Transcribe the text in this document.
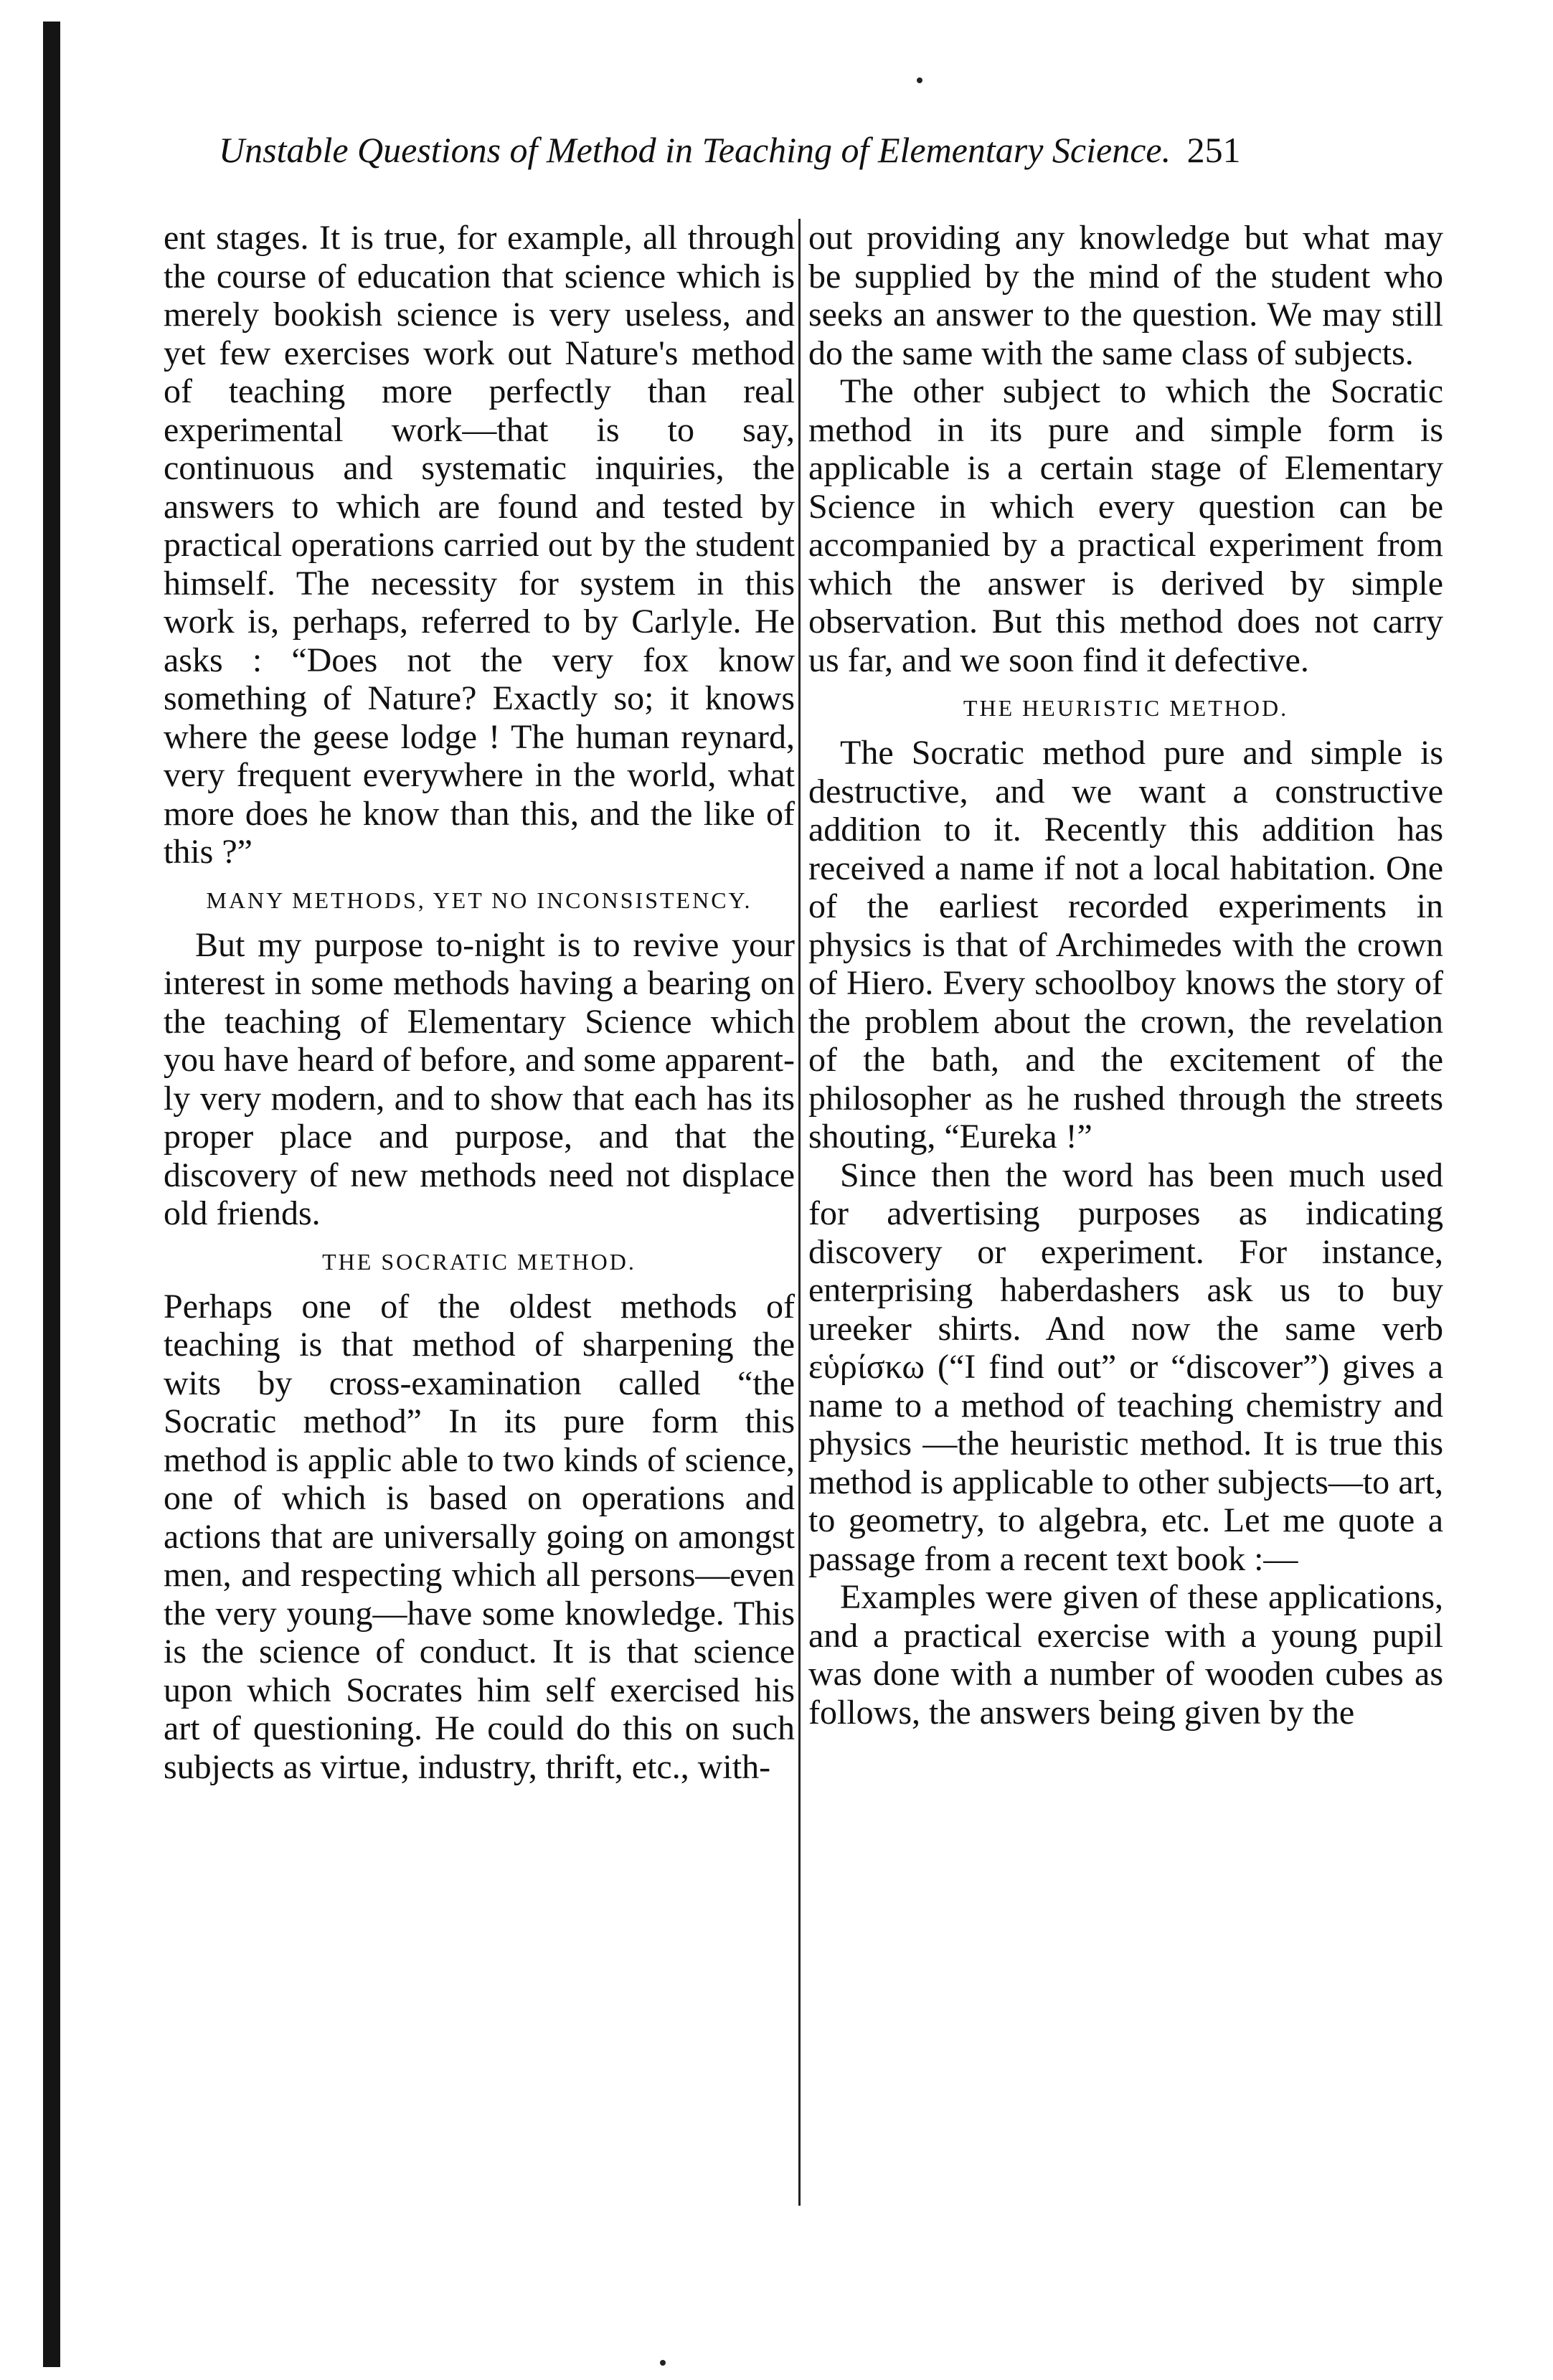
Unstable Questions of Method in Teaching of Elementary Science. 251

ent stages. It is true, for example, all through the course of education that science which is merely bookish science is very useless, and yet few exercises work out Nature's method of teaching more perfectly than real experimental work—that is to say, continuous and systematic inquiries, the answers to which are found and tested by practical operations carried out by the student himself. The necessity for system in this work is, perhaps, referred to by Carlyle. He asks : “Does not the very fox know something of Nature? Exactly so; it knows where the geese lodge ! The human reynard, very frequent everywhere in the world, what more does he know than this, and the like of this ?”

MANY METHODS, YET NO INCONSISTENCY.

But my purpose to-night is to revive your interest in some methods having a bearing on the teaching of Elementary Science which you have heard of before, and some apparently very modern, and to show that each has its proper place and purpose, and that the discovery of new methods need not displace old friends.

THE SOCRATIC METHOD.

Perhaps one of the oldest methods of teaching is that method of sharpening the wits by cross-examination called “the Socratic method” In its pure form this method is applic able to two kinds of science, one of which is based on operations and actions that are universally going on amongst men, and respecting which all persons—even the very young—have some knowledge. This is the science of conduct. It is that science upon which Socrates him self exercised his art of questioning. He could do this on such subjects as virtue, industry, thrift, etc., with-

out providing any knowledge but what may be supplied by the mind of the student who seeks an answer to the question. We may still do the same with the same class of subjects.

The other subject to which the Socratic method in its pure and simple form is applicable is a certain stage of Elementary Science in which every question can be accompanied by a practical experiment from which the answer is derived by simple observation. But this method does not carry us far, and we soon find it defective.

THE HEURISTIC METHOD.

The Socratic method pure and simple is destructive, and we want a constructive addition to it. Recently this addition has received a name if not a local habitation. One of the earliest recorded experiments in physics is that of Archimedes with the crown of Hiero. Every schoolboy knows the story of the problem about the crown, the revelation of the bath, and the excitement of the philosopher as he rushed through the streets shouting, “Eureka !”

Since then the word has been much used for advertising purposes as indicating discovery or experiment. For instance, enterprising haberdashers ask us to buy ureeker shirts. And now the same verb εὑρίσκω (“I find out” or “discover”) gives a name to a method of teaching chemistry and physics —the heuristic method. It is true this method is applicable to other subjects—to art, to geometry, to algebra, etc. Let me quote a passage from a recent text book :—

Examples were given of these applications, and a practical exercise with a young pupil was done with a number of wooden cubes as follows, the answers being given by the
